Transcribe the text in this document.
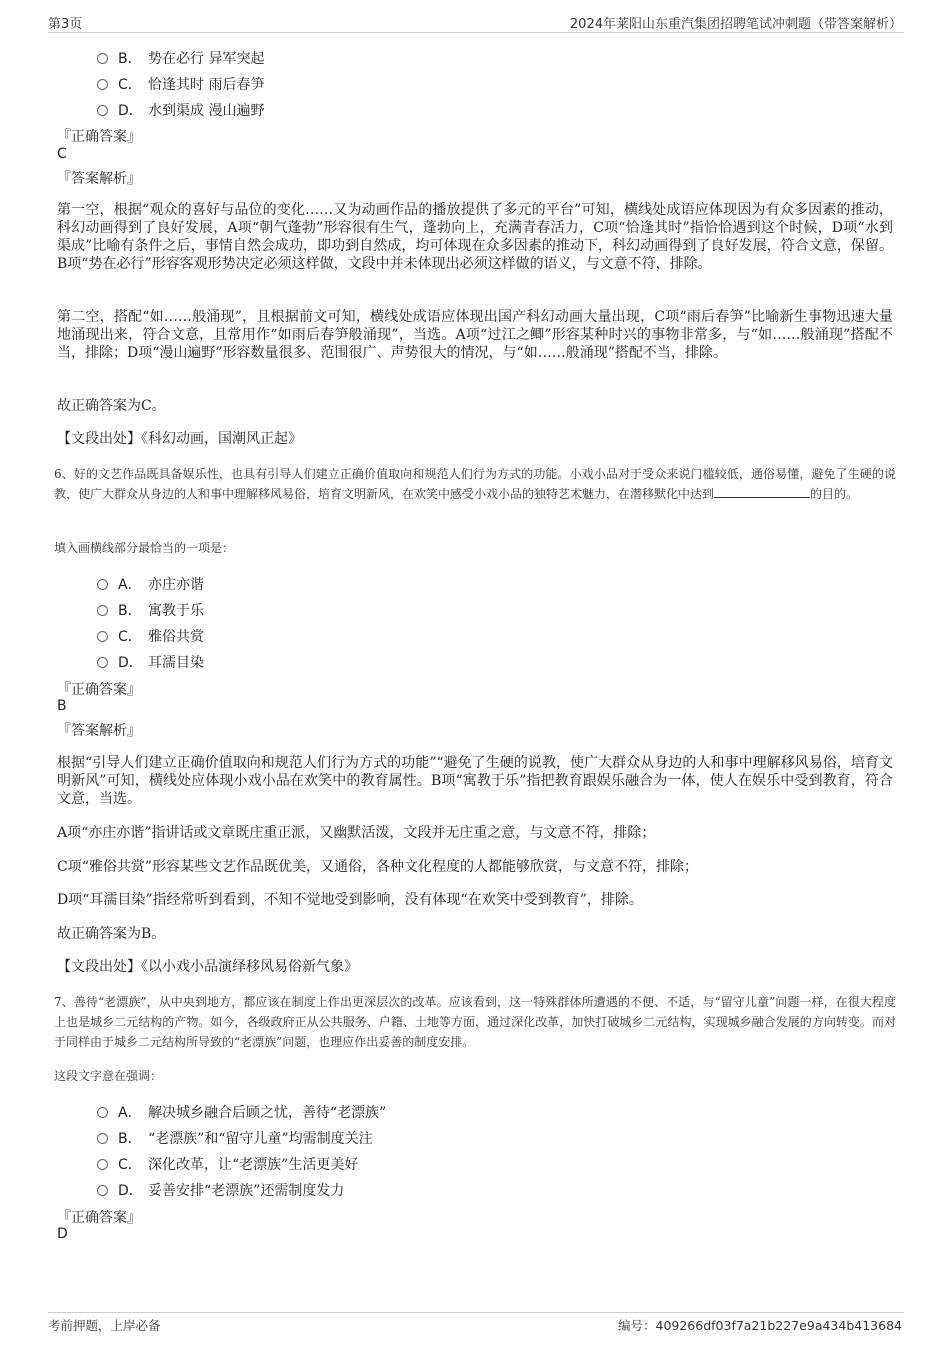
第3页	2024年莱阳山东重汽集团招聘笔试冲刺题（带答案解析）
B． 势在必行 异军突起
C． 恰逢其时 雨后春笋
D． 水到渠成 漫山遍野
『正确答案』
C
『答案解析』
第一空，根据“观众的喜好与品位的变化……又为动画作品的播放提供了多元的平台”可知，横线处成语应体现因为有众多因素的推动，科幻动画得到了良好发展，A项“朝气蓬勃”形容很有生气，蓬勃向上，充满青春活力，C项“恰逢其时”指恰恰遇到这个时候，D项“水到渠成”比喻有条件之后，事情自然会成功，即功到自然成，均可体现在众多因素的推动下，科幻动画得到了良好发展，符合文意，保留。B项“势在必行”形容客观形势决定必须这样做，文段中并未体现出必须这样做的语义，与文意不符，排除。
第二空，搭配“如……般涌现”，且根据前文可知，横线处成语应体现出国产科幻动画大量出现，C项“雨后春笋”比喻新生事物迅速大量地涌现出来，符合文意，且常用作“如雨后春笋般涌现”，当选。A项“过江之鲫”形容某种时兴的事物非常多，与“如……般涌现”搭配不当，排除；D项“漫山遍野”形容数量很多、范围很广、声势很大的情况，与“如……般涌现”搭配不当，排除。
故正确答案为C。
【文段出处】《科幻动画，国潮风正起》
6、好的文艺作品既具备娱乐性，也具有引导人们建立正确价值取向和规范人们行为方式的功能。小戏小品对于受众来说门槛较低，通俗易懂，避免了生硬的说教，使广大群众从身边的人和事中理解移风易俗，培育文明新风，在欢笑中感受小戏小品的独特艺术魅力，在潜移默化中达到	的目的。
填入画横线部分最恰当的一项是：
A． 亦庄亦谐
B． 寓教于乐
C． 雅俗共赏
D． 耳濡目染
『正确答案』
B
『答案解析』
根据“引导人们建立正确价值取向和规范人们行为方式的功能”“避免了生硬的说教，使广大群众从身边的人和事中理解移风易俗，培育文明新风”可知，横线处应体现小戏小品在欢笑中的教育属性。B项“寓教于乐”指把教育跟娱乐融合为一体，使人在娱乐中受到教育，符合文意，当选。
A项“亦庄亦谐”指讲话或文章既庄重正派，又幽默活泼，文段并无庄重之意，与文意不符，排除；
C项“雅俗共赏”形容某些文艺作品既优美，又通俗，各种文化程度的人都能够欣赏，与文意不符，排除；
D项“耳濡目染”指经常听到看到，不知不觉地受到影响，没有体现“在欢笑中受到教育”，排除。
故正确答案为B。
【文段出处】《以小戏小品演绎移风易俗新气象》
7、善待“老漂族”，从中央到地方，都应该在制度上作出更深层次的改革。应该看到，这一特殊群体所遭遇的不便、不适，与“留守儿童”问题一样，在很大程度上也是城乡二元结构的产物。如今，各级政府正从公共服务、户籍、土地等方面，通过深化改革，加快打破城乡二元结构，实现城乡融合发展的方向转变。而对于同样由于城乡二元结构所导致的“老漂族”问题，也理应作出妥善的制度安排。
这段文字意在强调：
A． 解决城乡融合后顾之忧，善待“老漂族”
B． “老漂族”和“留守儿童”均需制度关注
C． 深化改革，让“老漂族”生活更美好
D． 妥善安排“老漂族”还需制度发力
『正确答案』
D
考前押题，上岸必备	编号：409266df03f7a21b227e9a434b413684
